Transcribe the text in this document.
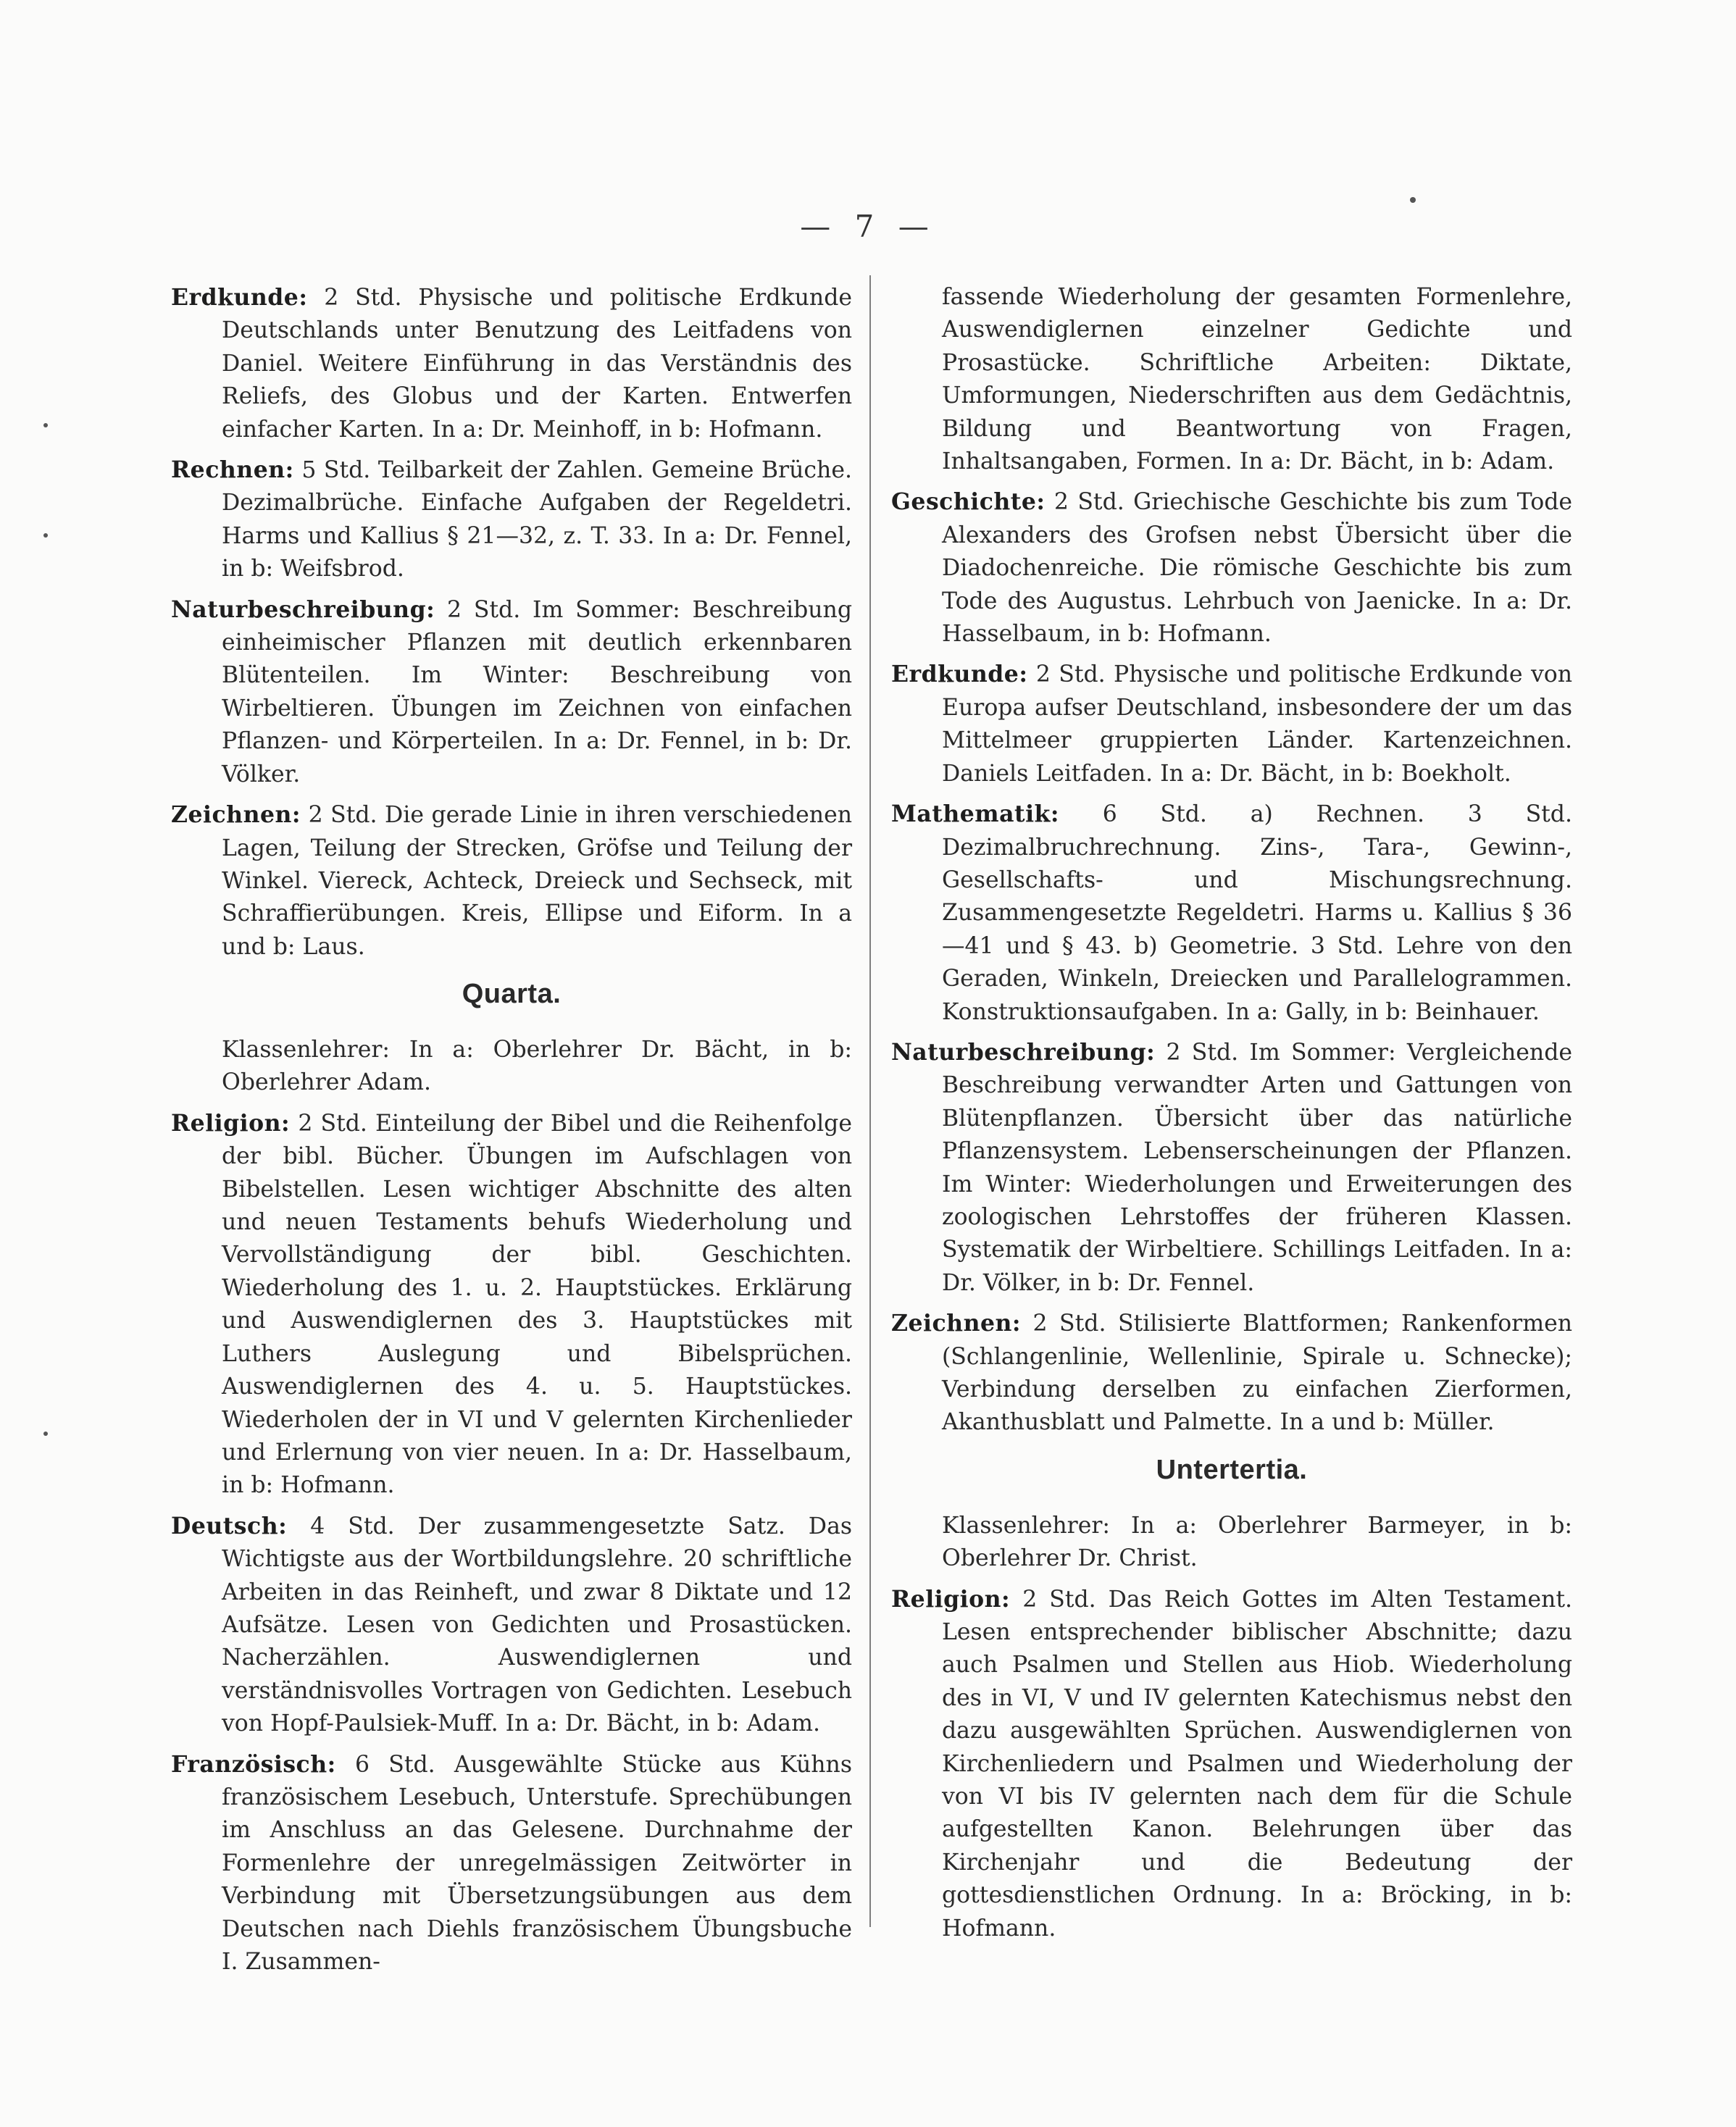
— 7 —

Erdkunde: 2 Std. Physische und politische Erdkunde Deutschlands unter Benutzung des Leitfadens von Daniel. Weitere Einführung in das Verständnis des Reliefs, des Globus und der Karten. Entwerfen einfacher Karten. In a: Dr. Meinhoff, in b: Hofmann.

Rechnen: 5 Std. Teilbarkeit der Zahlen. Gemeine Brüche. Dezimalbrüche. Einfache Aufgaben der Regeldetri. Harms und Kallius § 21—32, z. T. 33. In a: Dr. Fennel, in b: Weifsbrod.

Naturbeschreibung: 2 Std. Im Sommer: Beschreibung einheimischer Pflanzen mit deutlich erkennbaren Blütenteilen. Im Winter: Beschreibung von Wirbeltieren. Übungen im Zeichnen von einfachen Pflanzen- und Körperteilen. In a: Dr. Fennel, in b: Dr. Völker.

Zeichnen: 2 Std. Die gerade Linie in ihren verschiedenen Lagen, Teilung der Strecken, Gröfse und Teilung der Winkel. Viereck, Achteck, Dreieck und Sechseck, mit Schraffierübungen. Kreis, Ellipse und Eiform. In a und b: Laus.

Quarta.

Klassenlehrer: In a: Oberlehrer Dr. Bächt, in b: Oberlehrer Adam.

Religion: 2 Std. Einteilung der Bibel und die Reihenfolge der bibl. Bücher. Übungen im Aufschlagen von Bibelstellen. Lesen wichtiger Abschnitte des alten und neuen Testaments behufs Wiederholung und Vervollständigung der bibl. Geschichten. Wiederholung des 1. u. 2. Hauptstückes. Erklärung und Auswendiglernen des 3. Hauptstückes mit Luthers Auslegung und Bibelsprüchen. Auswendiglernen des 4. u. 5. Hauptstückes. Wiederholen der in VI und V gelernten Kirchenlieder und Erlernung von vier neuen. In a: Dr. Hasselbaum, in b: Hofmann.

Deutsch: 4 Std. Der zusammengesetzte Satz. Das Wichtigste aus der Wortbildungslehre. 20 schriftliche Arbeiten in das Reinheft, und zwar 8 Diktate und 12 Aufsätze. Lesen von Gedichten und Prosastücken. Nacherzählen. Auswendiglernen und verständnisvolles Vortragen von Gedichten. Lesebuch von Hopf-Paulsiek-Muff. In a: Dr. Bächt, in b: Adam.

Französisch: 6 Std. Ausgewählte Stücke aus Kühns französischem Lesebuch, Unterstufe. Sprechübungen im Anschluss an das Gelesene. Durchnahme der Formenlehre der unregelmässigen Zeitwörter in Verbindung mit Übersetzungsübungen aus dem Deutschen nach Diehls französischem Übungsbuche I. Zusammen-

fassende Wiederholung der gesamten Formenlehre, Auswendiglernen einzelner Gedichte und Prosastücke. Schriftliche Arbeiten: Diktate, Umformungen, Niederschriften aus dem Gedächtnis, Bildung und Beantwortung von Fragen, Inhaltsangaben, Formen. In a: Dr. Bächt, in b: Adam.

Geschichte: 2 Std. Griechische Geschichte bis zum Tode Alexanders des Grofsen nebst Übersicht über die Diadochenreiche. Die römische Geschichte bis zum Tode des Augustus. Lehrbuch von Jaenicke. In a: Dr. Hasselbaum, in b: Hofmann.

Erdkunde: 2 Std. Physische und politische Erdkunde von Europa aufser Deutschland, insbesondere der um das Mittelmeer gruppierten Länder. Kartenzeichnen. Daniels Leitfaden. In a: Dr. Bächt, in b: Boekholt.

Mathematik: 6 Std. a) Rechnen. 3 Std. Dezimalbruchrechnung. Zins-, Tara-, Gewinn-, Gesellschafts- und Mischungsrechnung. Zusammengesetzte Regeldetri. Harms u. Kallius § 36—41 und § 43. b) Geometrie. 3 Std. Lehre von den Geraden, Winkeln, Dreiecken und Parallelogrammen. Konstruktionsaufgaben. In a: Gally, in b: Beinhauer.

Naturbeschreibung: 2 Std. Im Sommer: Vergleichende Beschreibung verwandter Arten und Gattungen von Blütenpflanzen. Übersicht über das natürliche Pflanzensystem. Lebenserscheinungen der Pflanzen. Im Winter: Wiederholungen und Erweiterungen des zoologischen Lehrstoffes der früheren Klassen. Systematik der Wirbeltiere. Schillings Leitfaden. In a: Dr. Völker, in b: Dr. Fennel.

Zeichnen: 2 Std. Stilisierte Blattformen; Rankenformen (Schlangenlinie, Wellenlinie, Spirale u. Schnecke); Verbindung derselben zu einfachen Zierformen, Akanthusblatt und Palmette. In a und b: Müller.

Untertertia.

Klassenlehrer: In a: Oberlehrer Barmeyer, in b: Oberlehrer Dr. Christ.

Religion: 2 Std. Das Reich Gottes im Alten Testament. Lesen entsprechender biblischer Abschnitte; dazu auch Psalmen und Stellen aus Hiob. Wiederholung des in VI, V und IV gelernten Katechismus nebst den dazu ausgewählten Sprüchen. Auswendiglernen von Kirchenliedern und Psalmen und Wiederholung der von VI bis IV gelernten nach dem für die Schule aufgestellten Kanon. Belehrungen über das Kirchenjahr und die Bedeutung der gottesdienstlichen Ordnung. In a: Bröcking, in b: Hofmann.
